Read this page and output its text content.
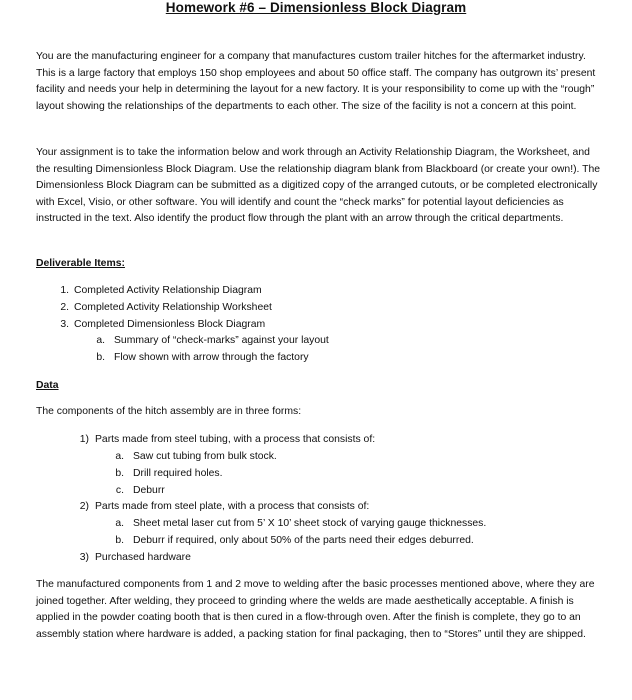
Homework #6 – Dimensionless Block Diagram

You are the manufacturing engineer for a company that manufactures custom trailer hitches for the aftermarket industry. This is a large factory that employs 150 shop employees and about 50 office staff. The company has outgrown its’ present facility and needs your help in determining the layout for a new factory. It is your responsibility to come up with the “rough” layout showing the relationships of the departments to each other. The size of the facility is not a concern at this point.

Your assignment is to take the information below and work through an Activity Relationship Diagram, the Worksheet, and the resulting Dimensionless Block Diagram. Use the relationship diagram blank from Blackboard (or create your own!). The Dimensionless Block Diagram can be submitted as a digitized copy of the arranged cutouts, or be completed electronically with Excel, Visio, or other software. You will identify and count the “check marks” for potential layout deficiencies as instructed in the text. Also identify the product flow through the plant with an arrow through the critical departments.

Deliverable Items:

1. Completed Activity Relationship Diagram
2. Completed Activity Relationship Worksheet
3. Completed Dimensionless Block Diagram
a. Summary of “check-marks” against your layout
b. Flow shown with arrow through the factory

Data

The components of the hitch assembly are in three forms:

1) Parts made from steel tubing, with a process that consists of:
a. Saw cut tubing from bulk stock.
b. Drill required holes.
c. Deburr
2) Parts made from steel plate, with a process that consists of:
a. Sheet metal laser cut from 5’ X 10’ sheet stock of varying gauge thicknesses.
b. Deburr if required, only about 50% of the parts need their edges deburred.
3) Purchased hardware

The manufactured components from 1 and 2 move to welding after the basic processes mentioned above, where they are joined together. After welding, they proceed to grinding where the welds are made aesthetically acceptable. A finish is applied in the powder coating booth that is then cured in a flow-through oven. After the finish is complete, they go to an assembly station where hardware is added, a packing station for final packaging, then to “Stores” until they are shipped.
